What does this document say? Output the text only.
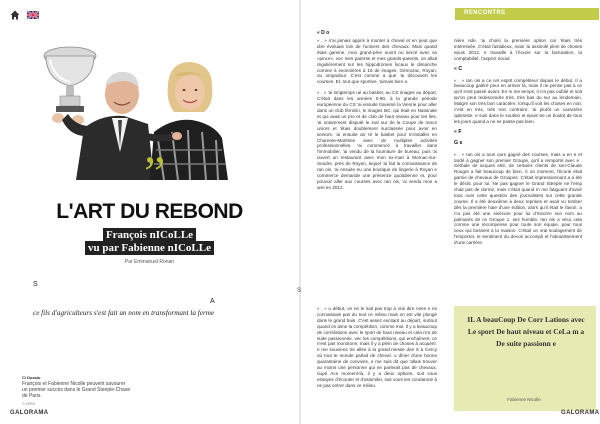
”
L'ART DU REBOND
François nICoLLe
vu par Fabienne nICoLLe
Par Emmanuel Ronan
S
A
ce fils d'agriculteurs s'est fait un nom en transformant la ferme
C/ Dossio
François et Fabienne Nicolle peuvent savourer un premier succès dans le Grand Steeple-Chase de Paris.
© APRH
GALORAMA
RENCONTRE
« D o

« . » n'ai jamais appris à monter à cheval et en peut que dire évoluais loin de l'univers des chevaux. Mais quand étais gamine, mon grand-père ouvrit ou tiercé avec sa «pince». vec mes parents et mes grands-parents, on allait régulièrement sur les hippodromes locaux le dimanche comme à exonnières à 16 de images, Gémozac, Royan, ou ompadour. C'est comme a que 'ai découvert les courses. Et, tout que sportive, 'aimais bien a.

« . » 'ai longtemps ué au basket, au CS images au départ. C'était dans les années 0-90, à la grande période européenne du CS 'ai ensuite traversé la Vienne pour aller dans un club féminin, le images BC, qui était en Nationale et qui avait un pro et de club de haut niveau pour les lles. 'ai notamment disputé le inal our de la Coupe de rance uniors et 'étais doublement surclassée pour avoir en seniors. 'ai ensuite arr té le basket pour m'installer en Charente-Maritime avec de multiples activités professionnelles. 'ai commencé à travailler dans l'immobilier, 'ai vendu de la fourniture de bureau, puis 'ai ouvert un restaurant avec mon ex-mari à Mornac-sur-Seudre, près de Royan, lequel 'ai fait la connaissance de ran ois. 'ai ensuite eu une boutique de lingerie à Royan e commerce demande une présence quotidienne et, pour pouvoir aller aux courses avec ran ois, 'ai vendu mon a aire en 2012.

S

« . » u début, on ne le sait pas trop à vrai dire nires e ne connaissais pas du tout ce milieu mais on est vite plongé dans le grand bain. C'est assez excitant au départ, surtout quand on aime la compétition, comme moi. Il y a beaucoup de corrélations avec le sport de haut niveau et cela m'a de suite passionnée. vec les compétitions, qui enchaînent, ce n'est pas monotone, mais il y a plein de choses à acquérir. e me souviens tre allée à la grand-messe des S à Cercy où tout le monde parlait de cheval. u dîner d'une bonne quarantaine de convives, e me suis dit que 'allais trouver au moins une personne qui ne parlerait pas de chevaux. oupé Ace moment-là, il y a deux options, soit vous essayez d'écouter et d'assimiler, soit vous tes condamné à ne pas entrer dans ce milieu.

nière nde. 'ai choisi la première option car 'étais très intéressée. C'était fastidieux, mais 'ai assimilé plein de choses epuis 2012, e travaille à l'écurie sur la facturation, la comptabilité, l'aspect social

« C

« . » ran ois a ce cet esprit compétiteur depuis le début. Il a beaucoup galéré pour en arriver là, mais il ne pense pas à ce qu'il s'est passé avant. En m me temps, il n'a pas oublié et soit qu'on peut redescendre très, très bas du sur au lendemain. Malgré son très bon caractère, lorsqu'il voit les choses en noir, c'est en très, très noir contraire, 'ai plutôt un caractère optimiste. e suis dans le soutien et epuis tre un boulot de tous les jours quand a ne se passe pas bien.

« F

G s

« . » ran ois a tous ours gagné des courses, mais a en e et tardé à gagner son premier Groupe, qu'il a remporté avec e . Sérbale de acques etté, de certains clients de son-Claude Rouget a fait beaucoup de bien. À un moment, l'écurie était garnie de chevaux de Groupes. C'était impressionnant a a été le déclic pour lui. Ne pas gagner le Grand Steeple ne l'emp chait pas de dormir, mais c'était quand m me fatiguant d'avoir tous ours cette question des journalistes sur cette grande course. Il a été deuxième à deux reprises et avait vu tomber dès la première haie d'une édition, alors qu'il était le favori. a n'a pas été une sinécure pour lui d'inscrire son nom au palmarès de ce Groupe 1. sez humble, ran ois a vécu cela comme une récompense pour toute son équipe, pour tous ceux qui bossent à la maison. C'était un vrai soulagement de l'emporter, le sentiment du devoir accompli et l'aboutissement d'une carrière.

IL A beauCoup De Corr Lations avec Le sport De haut niveau et CeLa m a De suite passionn e
Fabienne Nicolle
GALORAMA
